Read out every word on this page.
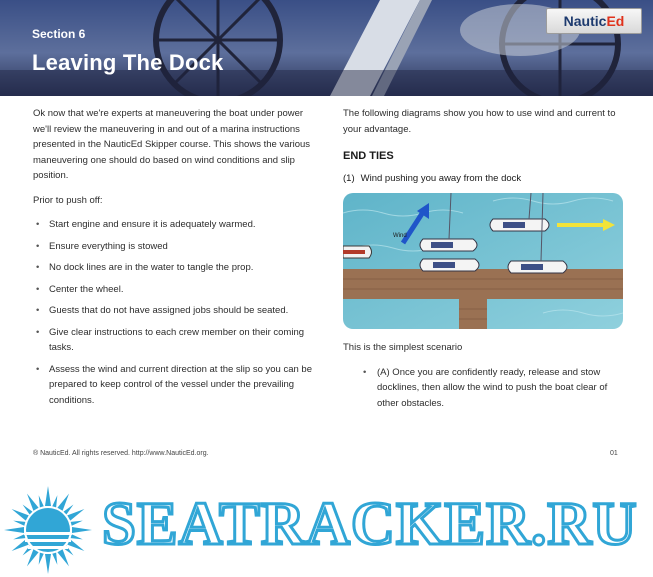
Section 6
Leaving The Dock
NauticEd

Ok now that we're experts at maneuvering the boat under power we'll review the maneuvering in and out of a marina instructions presented in the NauticEd Skipper course. This shows the various maneuvering one should do based on wind conditions and slip position.

Prior to push off:

• Start engine and ensure it is adequately warmed.
• Ensure everything is stowed
• No dock lines are in the water to tangle the prop.
• Center the wheel.
• Guests that do not have assigned jobs should be seated.
• Give clear instructions to each crew member on their coming tasks.
• Assess the wind and current direction at the slip so you can be prepared to keep control of the vessel under the prevailing conditions.

The following diagrams show you how to use wind and current to your advantage.

END TIES
(1) Wind pushing you away from the dock
Wind

This is the simplest scenario

• (A) Once you are confidently ready, release and stow docklines, then allow the wind to push the boat clear of other obstacles.
® NauticEd. All rights reserved. http://www.NauticEd.org.	01
SEATRACKER.RU
